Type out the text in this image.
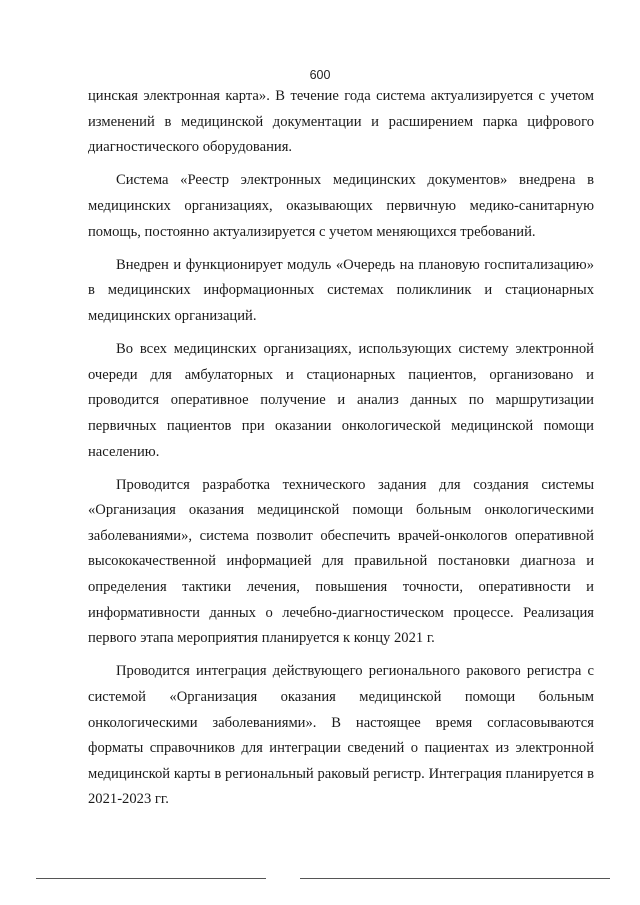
600

цинская электронная карта». В течение года система актуализируется с учетом изменений в медицинской документации и расширением парка цифрового диагностического оборудования.

Система «Реестр электронных медицинских документов» внедрена в медицинских организациях, оказывающих первичную медико-санитарную помощь, постоянно актуализируется с учетом меняющихся требований.

Внедрен и функционирует модуль «Очередь на плановую госпитализацию» в медицинских информационных системах поликлиник и стационарных медицинских организаций.

Во всех медицинских организациях, использующих систему электронной очереди для амбулаторных и стационарных пациентов, организовано и проводится оперативное получение и анализ данных по маршрутизации первичных пациентов при оказании онкологической медицинской помощи населению.

Проводится разработка технического задания для создания системы «Организация оказания медицинской помощи больным онкологическими заболеваниями», система позволит обеспечить врачей-онкологов оперативной высококачественной информацией для правильной постановки диагноза и определения тактики лечения, повышения точности, оперативности и информативности данных о лечебно-диагностическом процессе. Реализация первого этапа мероприятия планируется к концу 2021 г.

Проводится интеграция действующего регионального ракового регистра с системой «Организация оказания медицинской помощи больным онкологическими заболеваниями». В настоящее время согласовываются форматы справочников для интеграции сведений о пациентах из электронной медицинской карты в региональный раковый регистр. Интеграция планируется в 2021-2023 гг.
